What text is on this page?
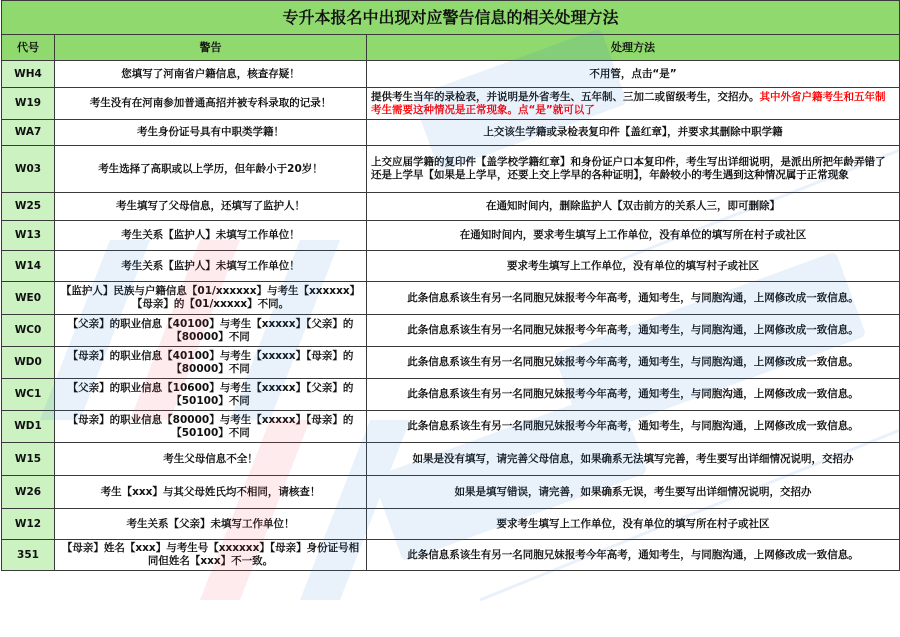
专升本报名中出现对应警告信息的相关处理方法		
代号	警告	处理方法
WH4	您填写了河南省户籍信息，核查存疑！	不用管，点击“是”
W19	考生没有在河南参加普通高招并被专科录取的记录！	提供考生当年的录检表，并说明是外省考生、五年制、三加二或留级考生，交招办。其中外省户籍考生和五年制考生需要这种情况是正常现象。点“是”就可以了
WA7	考生身份证号具有中职类学籍！	上交该生学籍或录检表复印件【盖红章】，并要求其删除中职学籍
W03	考生选择了高职或以上学历，但年龄小于20岁！	上交应届学籍的复印件【盖学校学籍红章】和身份证户口本复印件，考生写出详细说明，是派出所把年龄弄错了还是上学早【如果是上学早，还要上交上学早的各种证明】，年龄较小的考生遇到这种情况属于正常现象
W25	考生填写了父母信息，还填写了监护人！	在通知时间内，删除监护人【双击前方的关系人三，即可删除】
W13	考生关系【监护人】未填写工作单位！	在通知时间内，要求考生填写上工作单位，没有单位的填写所在村子或社区
W14	考生关系【监护人】未填写工作单位！	要求考生填写上工作单位，没有单位的填写村子或社区
WE0	【监护人】民族与户籍信息【01/xxxxxx】与考生【xxxxxx】【母亲】的【01/xxxxx】不同。	此条信息系该生有另一名同胞兄妹报考今年高考，通知考生，与同胞沟通，上网修改成一致信息。
WC0	【父亲】的职业信息【40100】与考生【xxxxx】【父亲】的【80000】不同	此条信息系该生有另一名同胞兄妹报考今年高考，通知考生，与同胞沟通，上网修改成一致信息。
WD0	【母亲】的职业信息【40100】与考生【xxxxx】【母亲】的【80000】不同	此条信息系该生有另一名同胞兄妹报考今年高考，通知考生，与同胞沟通，上网修改成一致信息。
WC1	【父亲】的职业信息【10600】与考生【xxxxx】【父亲】的【50100】不同	此条信息系该生有另一名同胞兄妹报考今年高考，通知考生，与同胞沟通，上网修改成一致信息。
WD1	【母亲】的职业信息【80000】与考生【xxxxx】【母亲】的【50100】不同	此条信息系该生有另一名同胞兄妹报考今年高考，通知考生，与同胞沟通，上网修改成一致信息。
W15	考生父母信息不全！	如果是没有填写，请完善父母信息，如果确系无法填写完善，考生要写出详细情况说明，交招办
W26	考生【xxx】与其父母姓氏均不相同，请核查！	如果是填写错误，请完善，如果确系无误，考生要写出详细情况说明，交招办
W12	考生关系【父亲】未填写工作单位！	要求考生填写上工作单位，没有单位的填写所在村子或社区
351	【母亲】姓名【xxx】与考生号【xxxxxx】【母亲】身份证号相同但姓名【xxx】不一致。	此条信息系该生有另一名同胞兄妹报考今年高考，通知考生，与同胞沟通，上网修改成一致信息。
